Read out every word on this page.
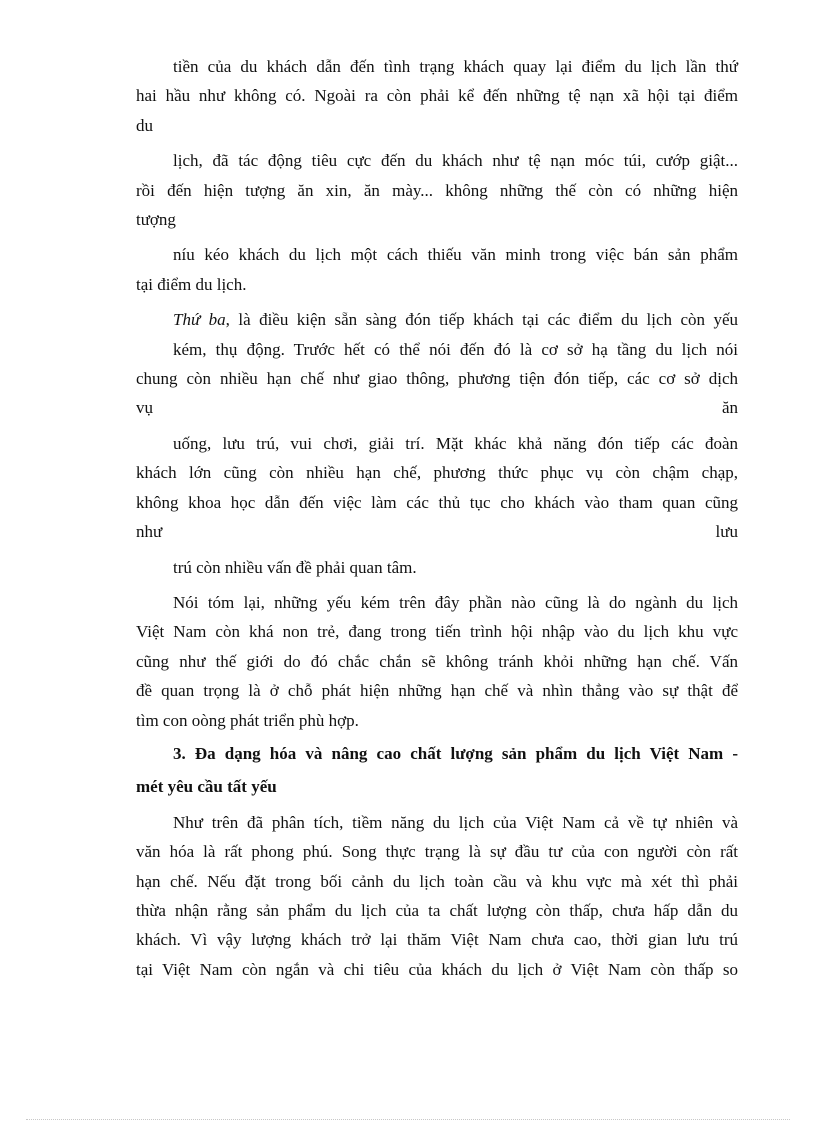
tiền của du khách dẫn đến tình trạng khách quay lại điểm du lịch lần thứ

hai hầu như không có. Ngoài ra còn phải kể đến những tệ nạn xã hội tại điểm

du

lịch, đã tác động tiêu cực đến du khách như tệ nạn móc túi, cướp giật...

rồi đến hiện tượng ăn xin, ăn mày... không những thế còn có những hiện

tượng

níu kéo khách du lịch một cách thiếu văn minh trong việc bán sản phẩm

tại điểm du lịch.

Thứ ba, là điều kiện sẵn sàng đón tiếp khách tại các điểm du lịch còn yếu

kém, thụ động. Trước hết có thể nói đến đó là cơ sở hạ tầng du lịch nói

chung còn nhiều hạn chế như giao thông, phương tiện đón tiếp, các cơ sở dịch

vụ ăn

uống, lưu trú, vui chơi, giải trí. Mặt khác khả năng đón tiếp các đoàn

khách lớn cũng còn nhiều hạn chế, phương thức phục vụ còn chậm chạp,

không khoa học dẫn đến việc làm các thủ tục cho khách vào tham quan cũng

như lưu

trú còn nhiều vấn đề phải quan tâm.

Nói tóm lại, những yếu kém trên đây phần nào cũng là do ngành du lịch

Việt Nam còn khá non trẻ, đang trong tiến trình hội nhập vào du lịch khu vực

cũng như thế giới do đó chắc chắn sẽ không tránh khỏi những hạn chế. Vấn

đề quan trọng là ở chỗ phát hiện những hạn chế và nhìn thẳng vào sự thật để

tìm con oòng phát triển phù hợp.

3. Đa dạng hóa và nâng cao chất lượng sản phẩm du lịch Việt Nam -

mét yêu cầu tất yếu

Như trên đã phân tích, tiềm năng du lịch của Việt Nam cả về tự nhiên và

văn hóa là rất phong phú. Song thực trạng là sự đầu tư của con người còn rất

hạn chế. Nếu đặt trong bối cảnh du lịch toàn cầu và khu vực mà xét thì phải

thừa nhận rằng sản phẩm du lịch của ta chất lượng còn thấp, chưa hấp dẫn du

khách. Vì vậy lượng khách trở lại thăm Việt Nam chưa cao, thời gian lưu trú

tại Việt Nam còn ngắn và chi tiêu của khách du lịch ở Việt Nam còn thấp so
